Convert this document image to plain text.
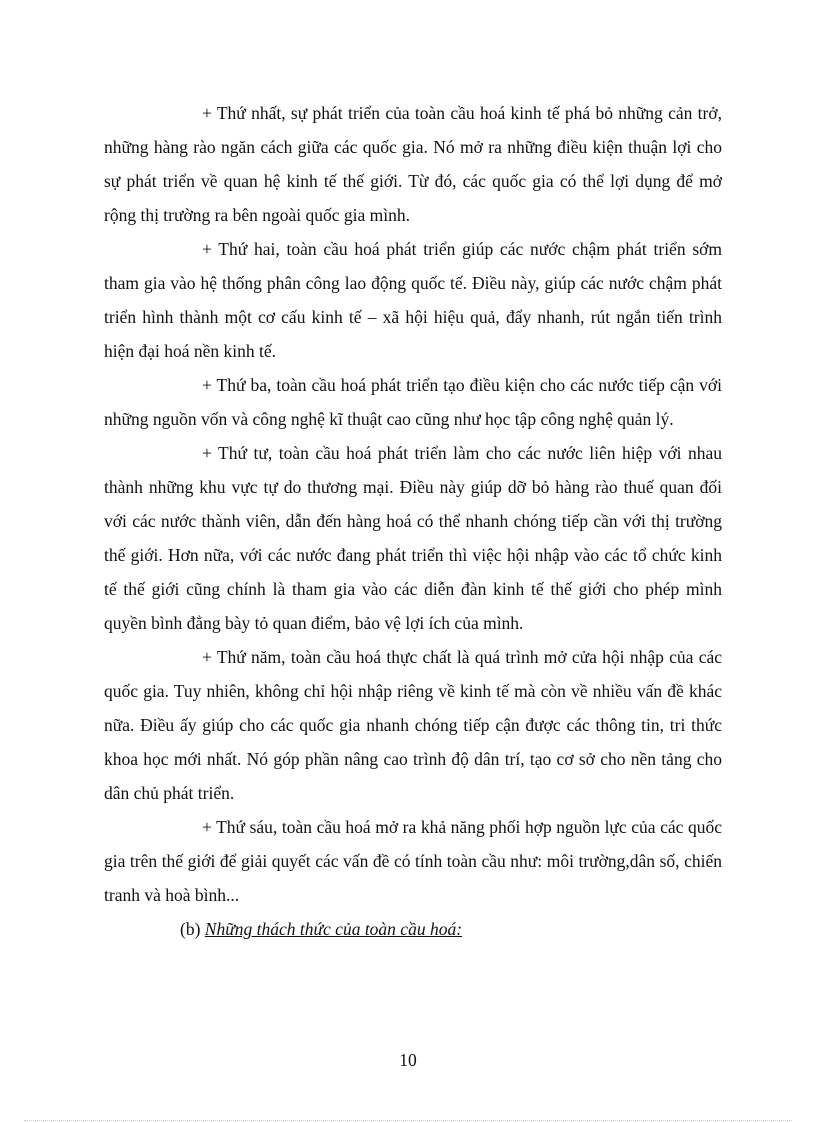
+ Thứ nhất, sự phát triển của toàn cầu hoá kinh tế phá bỏ những cản trở, những hàng rào ngăn cách giữa các quốc gia. Nó mở ra những điều kiện thuận lợi cho sự phát triển về quan hệ kinh tế thế giới. Từ đó, các quốc gia có thể lợi dụng để mở rộng thị trường ra bên ngoài quốc gia mình.

+ Thứ hai, toàn cầu hoá phát triển giúp các nước chậm phát triển sớm tham gia vào hệ thống phân công lao động quốc tế. Điều này, giúp các nước chậm phát triển hình thành một cơ cấu kinh tế – xã hội hiệu quả, đẩy nhanh, rút ngắn tiến trình hiện đại hoá nền kinh tế.

+ Thứ ba, toàn cầu hoá phát triển tạo điều kiện cho các nước tiếp cận với những nguồn vốn và công nghệ kĩ thuật cao cũng như học tập công nghệ quản lý.

+ Thứ tư, toàn cầu hoá phát triển làm cho các nước liên hiệp với nhau thành những khu vực tự do thương mại. Điều này giúp dỡ bỏ hàng rào thuế quan đối với các nước thành viên, dẫn đến hàng hoá có thể nhanh chóng tiếp cần với thị trường thế giới. Hơn nữa, với các nước đang phát triển thì việc hội nhập vào các tổ chức kinh tế thế giới cũng chính là tham gia vào các diễn đàn kinh tế thế giới cho phép mình quyền bình đẳng bày tỏ quan điểm, bảo vệ lợi ích của mình.

+ Thứ năm, toàn cầu hoá thực chất là quá trình mở cửa hội nhập của các quốc gia. Tuy nhiên, không chỉ hội nhập riêng về kinh tế mà còn về nhiều vấn đề khác nữa. Điều ấy giúp cho các quốc gia nhanh chóng tiếp cận được các thông tin, tri thức khoa học mới nhất. Nó góp phần nâng cao trình độ dân trí, tạo cơ sở cho nền tảng cho dân chủ phát triển.

+ Thứ sáu, toàn cầu hoá mở ra khả năng phối hợp nguồn lực của các quốc gia trên thế giới để giải quyết các vấn đề có tính toàn cầu như: môi trường,dân số, chiến tranh và hoà bình...

(b) Những thách thức của toàn cầu hoá:

10
